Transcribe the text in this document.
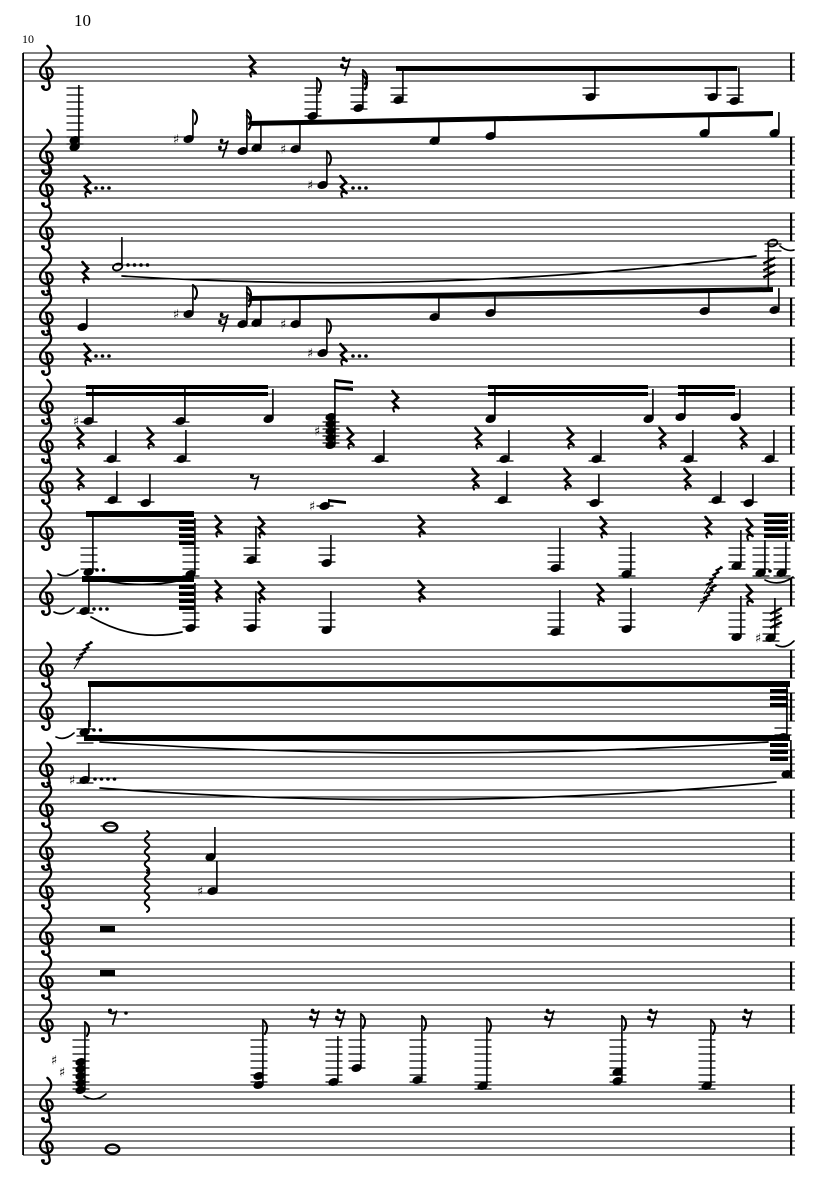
10
10
♯
♯
♯
♯
♯
♯
♯
♯
♯
♯
♯
♯
♯
♯
